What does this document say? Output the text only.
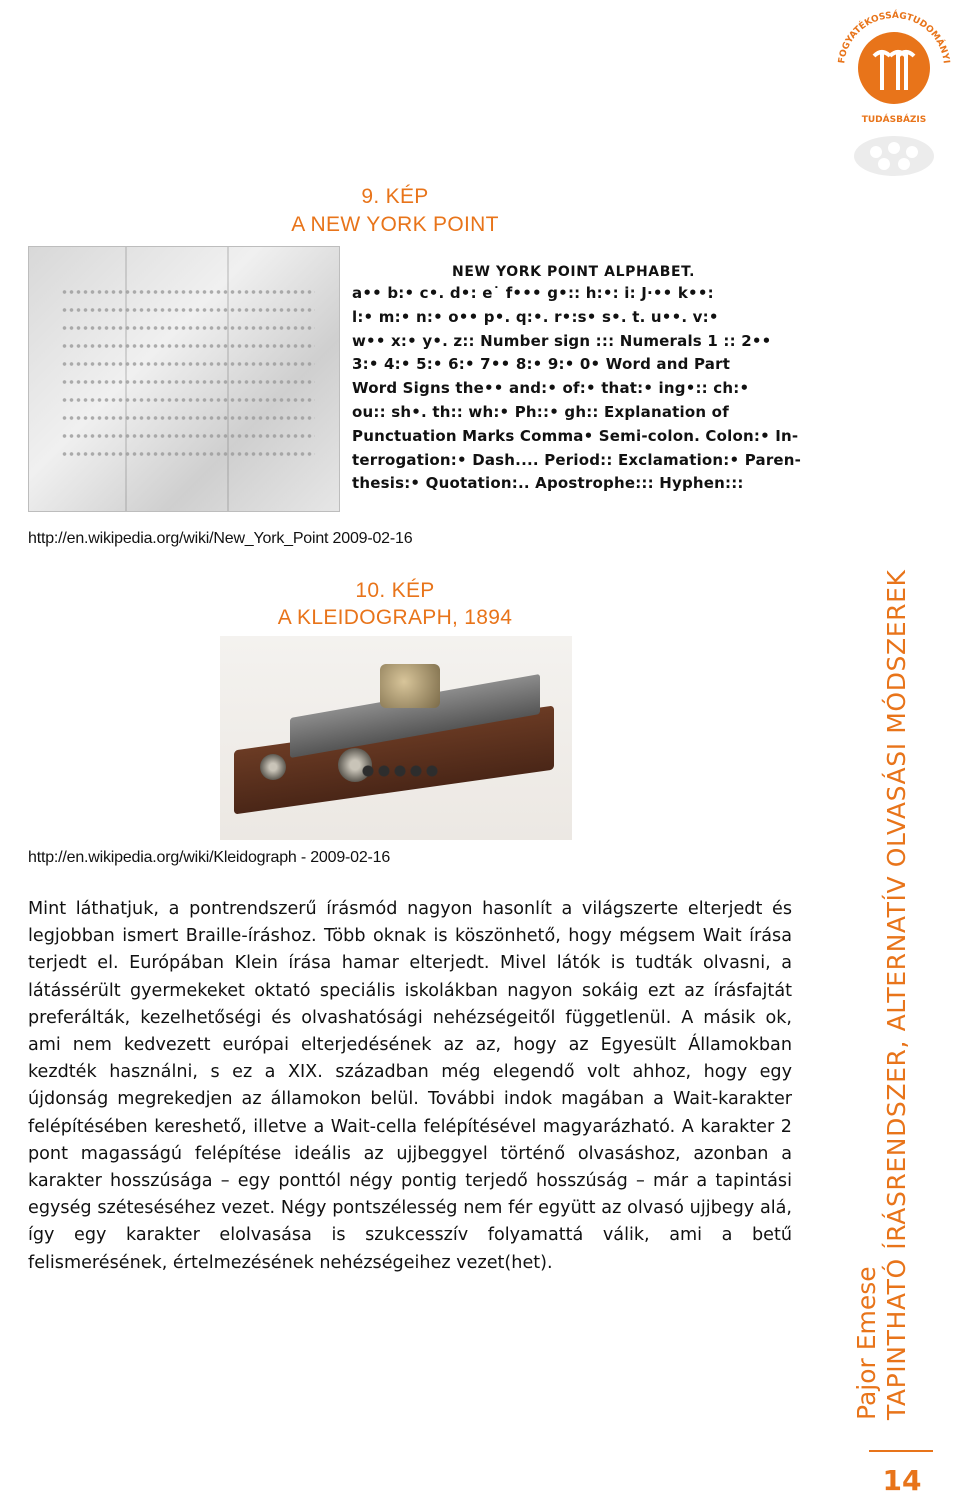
FOGYATÉKOSSÁGTUDOMÁNYI
TUDÁSBÁZIS
9. KÉP
A NEW YORK POINT
NEW YORK POINT ALPHABET.
a•• b:• c•. d•: e˙ f••• g•:: h:•: i: J·•• k••:
l:• m:• n:• o•• p•. q:•. r•:s• s•. t. u••. v:•
w•• x:• y•. z:: Number sign ::: Numerals 1 :: 2••
3:• 4:• 5:• 6:• 7•• 8:• 9:• 0• Word and Part
Word Signs the•• and:• of:• that:• ing•:: ch:•
ou:: sh•. th:: wh:• Ph::• gh:: Explanation of
Punctuation Marks Comma• Semi-colon. Colon:• In-
terrogation:• Dash.... Period:: Exclamation:• Paren-
thesis:• Quotation:.. Apostrophe::: Hyphen:::
http://en.wikipedia.org/wiki/New_York_Point 2009-02-16
10. KÉP
A KLEIDOGRAPH, 1894
http://en.wikipedia.org/wiki/Kleidograph - 2009-02-16
Mint láthatjuk, a pontrendszerű írásmód nagyon hasonlít a világszerte elterjedt és legjobban ismert Braille-íráshoz. Több oknak is köszönhető, hogy mégsem Wait írása terjedt el. Európában Klein írása hamar elterjedt. Mivel látók is tudták olvasni, a látássérült gyermekeket oktató speciális iskolákban nagyon sokáig ezt az írásfajtát preferálták, kezelhetőségi és olvashatósági nehézségeitől függetlenül. A másik ok, ami nem kedvezett európai elterjedésének az az, hogy az Egyesült Államokban kezdték használni, s ez a XIX. században még elegendő volt ahhoz, hogy egy újdonság megrekedjen az államokon belül. További indok magában a Wait-karakter felépítésében kereshető, illetve a Wait-cella felépítésével magyarázható. A karakter 2 pont magasságú felépítése ideális az ujjbeggyel történő olvasáshoz, azonban a karakter hosszúsága – egy ponttól négy pontig terjedő hosszúság – már a tapintási egység széteséséhez vezet. Négy pontszélesség nem fér együtt az olvasó ujjbegy alá, így egy karakter elolvasása is szukcesszív folyamattá válik, ami a betű felismerésének, értelmezésének nehézségeihez vezet(het).
Pajor Emese TAPINTHATÓ ÍRÁSRENDSZER, ALTERNATÍV OLVASÁSI MÓDSZEREK
14
